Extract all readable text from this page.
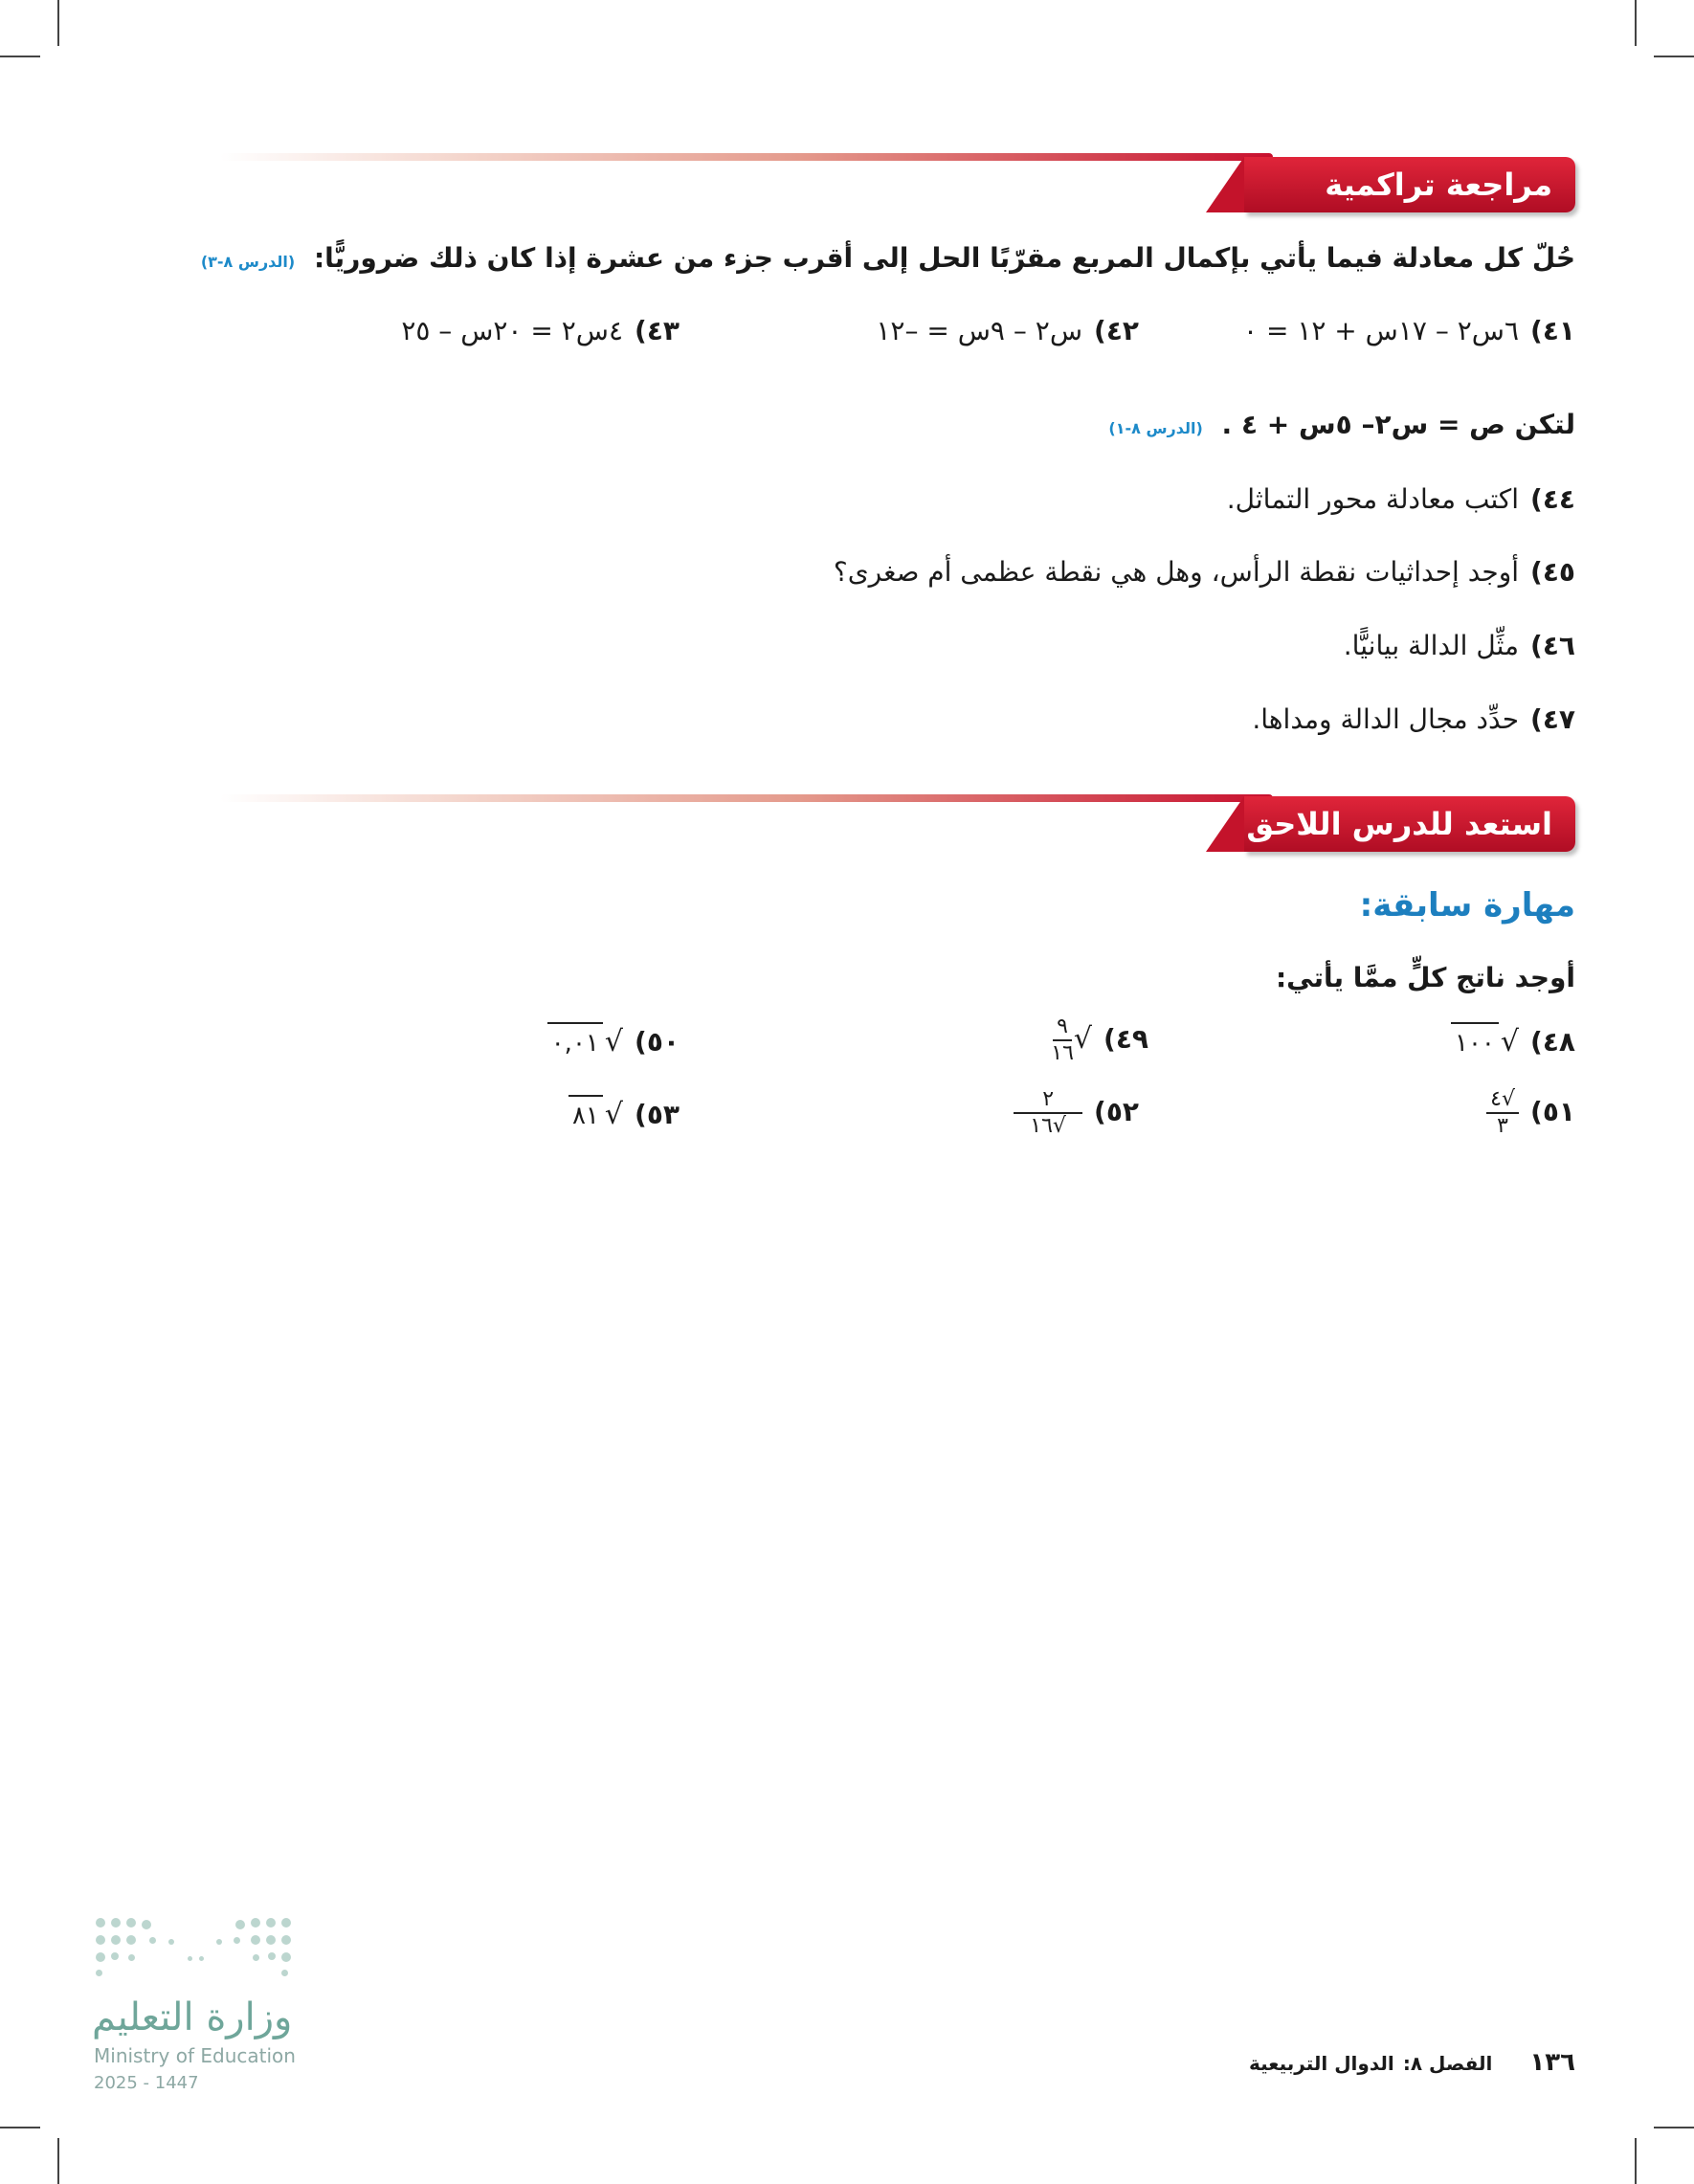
مراجعة تراكمية
حُلّ كل معادلة فيما يأتي بإكمال المربع مقرّبًا الحل إلى أقرب جزء من عشرة إذا كان ذلك ضروريًّا: (الدرس ٨-٣)
٤١)٦س٢ – ١٧س + ١٢ = ٠
٤٢)س٢ – ٩س = –١٢
٤٣)٤س٢ = ٢٠س – ٢٥
لتكن ص = س٢– ٥س + ٤ . (الدرس ٨-١)
٤٤)اكتب معادلة محور التماثل.
٤٥)أوجد إحداثيات نقطة الرأس، وهل هي نقطة عظمى أم صغرى؟
٤٦)مثِّل الدالة بيانيًّا.
٤٧)حدِّد مجال الدالة ومداها.
استعد للدرس اللاحق
مهارة سابقة:
أوجد ناتج كلٍّ ممَّا يأتي:
٤٨)√١٠٠
٤٩)√
$\frac{٩}{١٦}$
٥٠)√٠,٠١
٥١)
$\frac{√٤}{٣}$
٥٢)
$\frac{٢}{√١٦}$
٥٣)√٨١
١٣٦ الفصل ٨: الدوال التربيعية
وزارة التعليم
Ministry of Education
2025 - 1447
